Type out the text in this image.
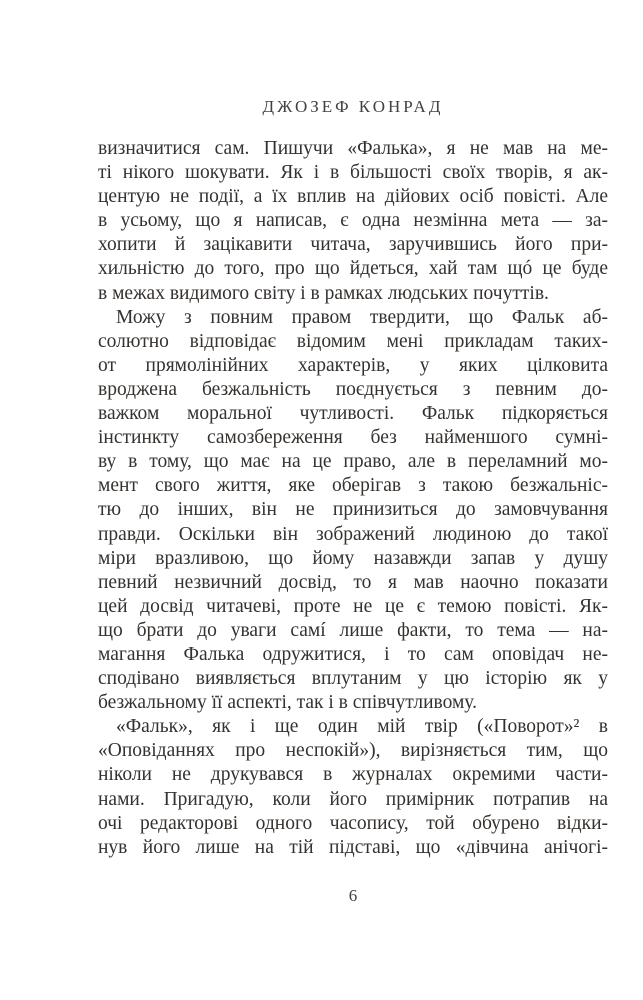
ДЖОЗЕФ КОНРАД
визначитися сам. Пишучи «Фалька», я не мав на ме-
ті нікого шокувати. Як і в більшості своїх творів, я ак-
центую не події, а їх вплив на дійових осіб повісті. Але
в усьому, що я написав, є одна незмінна мета — за-
хопити й зацікавити читача, заручившись його при-
хильністю до того, про що йдеться, хай там щó це буде
в межах видимого світу і в рамках людських почуттів.
Можу з повним правом твердити, що Фальк аб-
солютно відповідає відомим мені прикладам таких-
от прямолінійних характерів, у яких цілковита
вроджена безжальність поєднується з певним до-
важком моральної чутливості. Фальк підкоряється
інстинкту самозбереження без найменшого сумні-
ву в тому, що має на це право, але в переламний мо-
мент свого життя, яке оберігав з такою безжальніс-
тю до інших, він не принизиться до замовчування
правди. Оскільки він зображений людиною до такої
міри вразливою, що йому назавжди запав у душу
певний незвичний досвід, то я мав наочно показати
цей досвід читачеві, проте не це є темою повісті. Як-
що брати до уваги самí лише факти, то тема — на-
магання Фалька одружитися, і то сам оповідач не-
сподівано виявляється вплутаним у цю історію як у
безжальному її аспекті, так і в співчутливому.
«Фальк», як і ще один мій твір («Поворот»² в
«Оповіданнях про неспокій»), вирізняється тим, що
ніколи не друкувався в журналах окремими части-
нами. Пригадую, коли його примірник потрапив на
очі редакторові одного часопису, той обурено відки-
нув його лише на тій підставі, що «дівчина анічогі-
6
